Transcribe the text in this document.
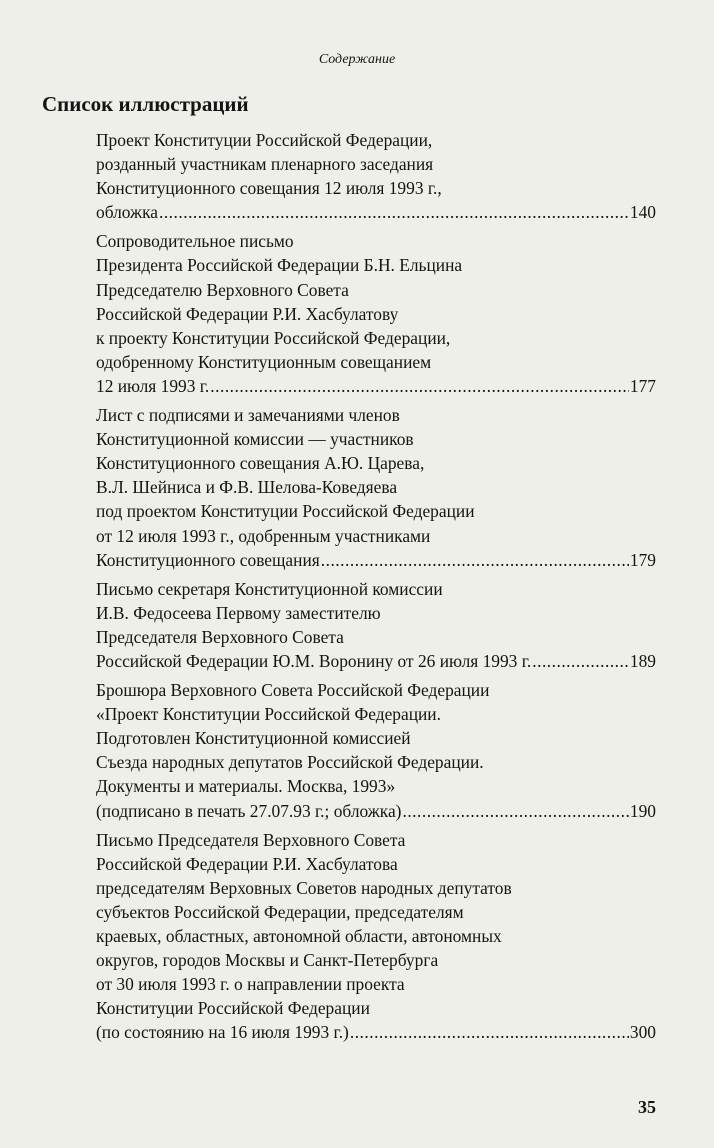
Содержание
Список иллюстраций
Проект Конституции Российской Федерации,
розданный участникам пленарного заседания
Конституционного совещания 12 июля 1993 г.,
обложка .....	140
Сопроводительное письмо
Президента Российской Федерации Б.Н. Ельцина
Председателю Верховного Совета
Российской Федерации Р.И. Хасбулатову
к проекту Конституции Российской Федерации,
одобренному Конституционным совещанием
12 июля 1993 г. .....	177
Лист с подписями и замечаниями членов
Конституционной комиссии — участников
Конституционного совещания А.Ю. Царева,
В.Л. Шейниса и Ф.В. Шелова-Коведяева
под проектом Конституции Российской Федерации
от 12 июля 1993 г., одобренным участниками
Конституционного совещания .....	179
Письмо секретаря Конституционной комиссии
И.В. Федосеева Первому заместителю
Председателя Верховного Совета
Российской Федерации Ю.М. Воронину от 26 июля 1993 г. .....	189
Брошюра Верховного Совета Российской Федерации
«Проект Конституции Российской Федерации.
Подготовлен Конституционной комиссией
Съезда народных депутатов Российской Федерации.
Документы и материалы. Москва, 1993»
(подписано в печать 27.07.93 г.; обложка) .....	190
Письмо Председателя Верховного Совета
Российской Федерации Р.И. Хасбулатова
председателям Верховных Советов народных депутатов
субъектов Российской Федерации, председателям
краевых, областных, автономной области, автономных
округов, городов Москвы и Санкт-Петербурга
от 30 июля 1993 г. о направлении проекта
Конституции Российской Федерации
(по состоянию на 16 июля 1993 г.) .....	300
35
